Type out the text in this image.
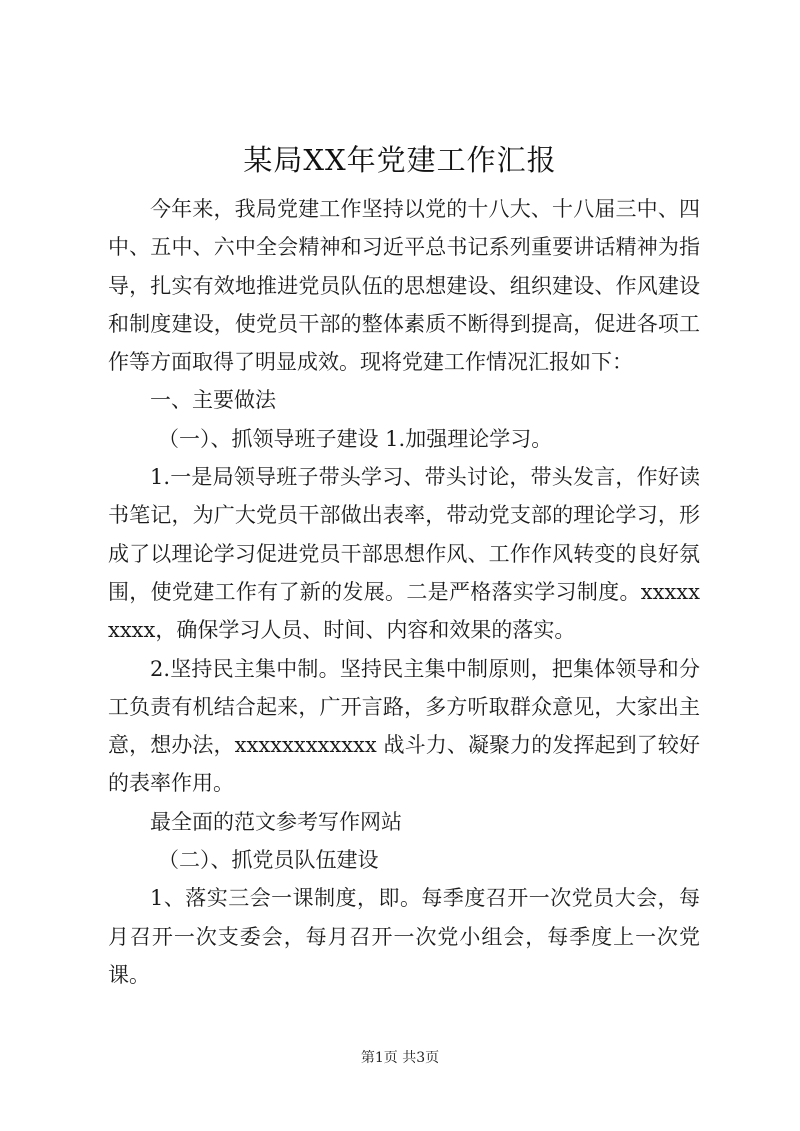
某局XX年党建工作汇报

今年来，我局党建工作坚持以党的十八大、十八届三中、四中、五中、六中全会精神和习近平总书记系列重要讲话精神为指导，扎实有效地推进党员队伍的思想建设、组织建设、作风建设和制度建设，使党员干部的整体素质不断得到提高，促进各项工作等方面取得了明显成效。现将党建工作情况汇报如下：

一、主要做法

（一）、抓领导班子建设 1.加强理论学习。

1.一是局领导班子带头学习、带头讨论，带头发言，作好读书笔记，为广大党员干部做出表率，带动党支部的理论学习，形成了以理论学习促进党员干部思想作风、工作作风转变的良好氛围，使党建工作有了新的发展。二是严格落实学习制度。xxxxxxxxx，确保学习人员、时间、内容和效果的落实。

2.坚持民主集中制。坚持民主集中制原则，把集体领导和分工负责有机结合起来，广开言路，多方听取群众意见，大家出主意，想办法，xxxxxxxxxxxx 战斗力、凝聚力的发挥起到了较好的表率作用。

最全面的范文参考写作网站

（二）、抓党员队伍建设

1、落实三会一课制度，即。每季度召开一次党员大会，每月召开一次支委会，每月召开一次党小组会，每季度上一次党课。

第1页 共3页
